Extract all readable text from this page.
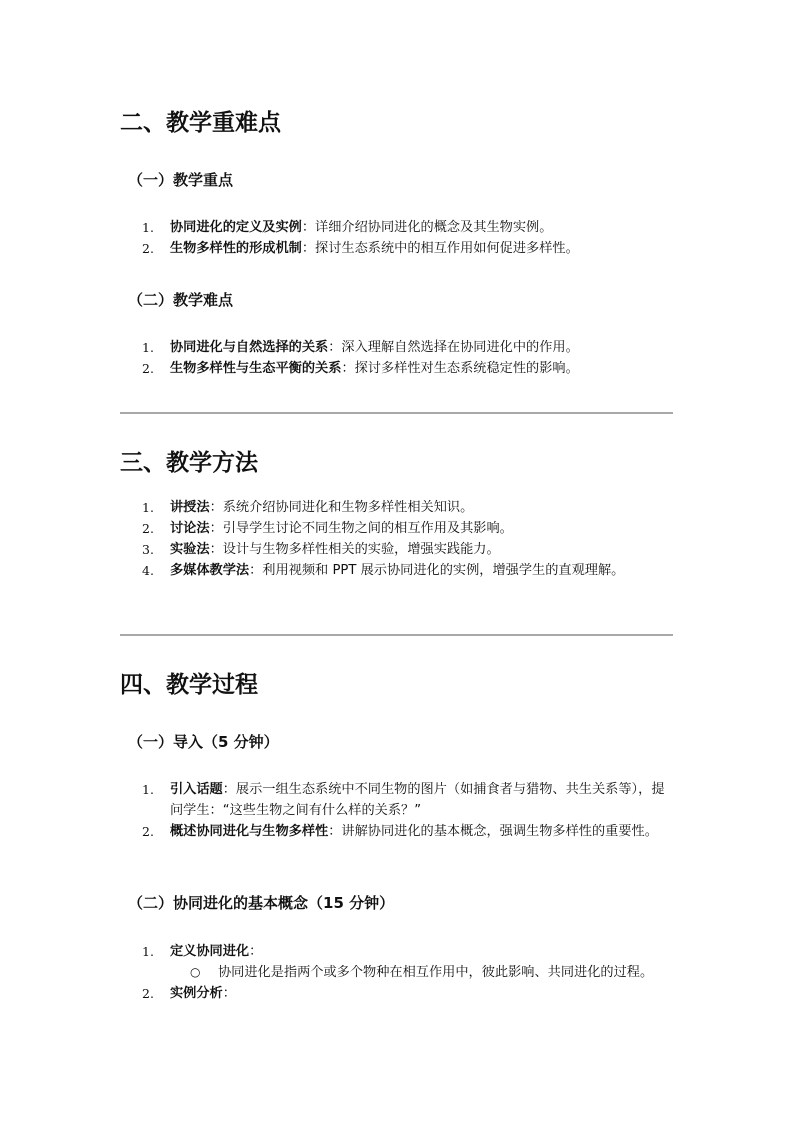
二、教学重难点
（一）教学重点
1. 协同进化的定义及实例：详细介绍协同进化的概念及其生物实例。
2. 生物多样性的形成机制：探讨生态系统中的相互作用如何促进多样性。
（二）教学难点
1. 协同进化与自然选择的关系：深入理解自然选择在协同进化中的作用。
2. 生物多样性与生态平衡的关系：探讨多样性对生态系统稳定性的影响。
三、教学方法
1. 讲授法：系统介绍协同进化和生物多样性相关知识。
2. 讨论法：引导学生讨论不同生物之间的相互作用及其影响。
3. 实验法：设计与生物多样性相关的实验，增强实践能力。
4. 多媒体教学法：利用视频和 PPT 展示协同进化的实例，增强学生的直观理解。
四、教学过程
（一）导入（5 分钟）
1. 引入话题：展示一组生态系统中不同生物的图片（如捕食者与猎物、共生关系等），提问学生：“这些生物之间有什么样的关系？”
2. 概述协同进化与生物多样性：讲解协同进化的基本概念，强调生物多样性的重要性。
（二）协同进化的基本概念（15 分钟）
1. 定义协同进化：
○ 协同进化是指两个或多个物种在相互作用中，彼此影响、共同进化的过程。
2. 实例分析：
